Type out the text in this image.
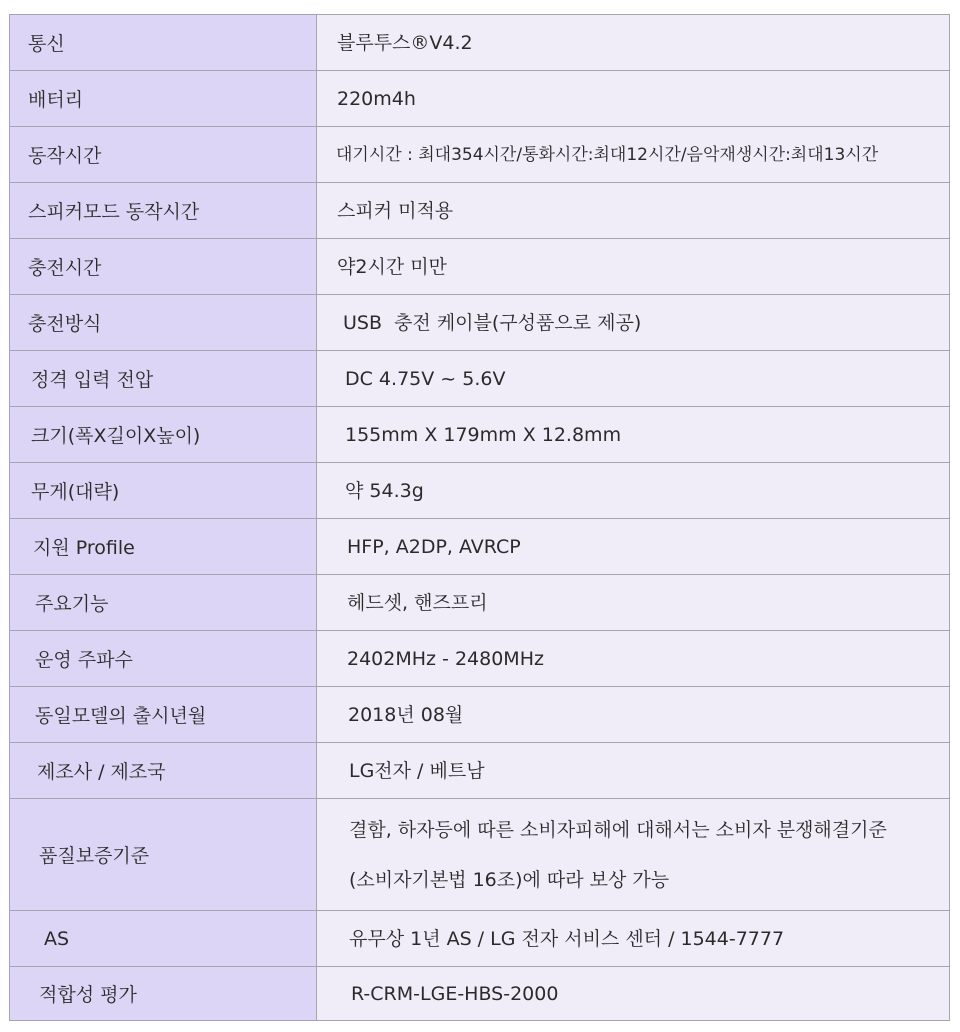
통신	블루투스®V4.2

배터리	220m4h

동작시간	대기시간 : 최대354시간/통화시간:최대12시간/음악재생시간:최대13시간

스피커모드 동작시간	스피커 미적용

충전시간	약2시간 미만

충전방식	USB  충전 케이블(구성품으로 제공)

정격 입력 전압	DC 4.75V ~ 5.6V

크기(폭X길이X높이)	155mm X 179mm X 12.8mm

무게(대략)	약 54.3g

지원 Profile	HFP, A2DP, AVRCP

주요기능	헤드셋, 핸즈프리

운영 주파수	2402MHz - 2480MHz

동일모델의 출시년월	2018년 08월

제조사 / 제조국	LG전자 / 베트남

품질보증기준	결함, 하자등에 따른 소비자피해에 대해서는 소비자 분쟁해결기준
(소비자기본법 16조)에 따라 보상 가능

AS	유무상 1년 AS / LG 전자 서비스 센터 / 1544-7777

적합성 평가	R-CRM-LGE-HBS-2000
